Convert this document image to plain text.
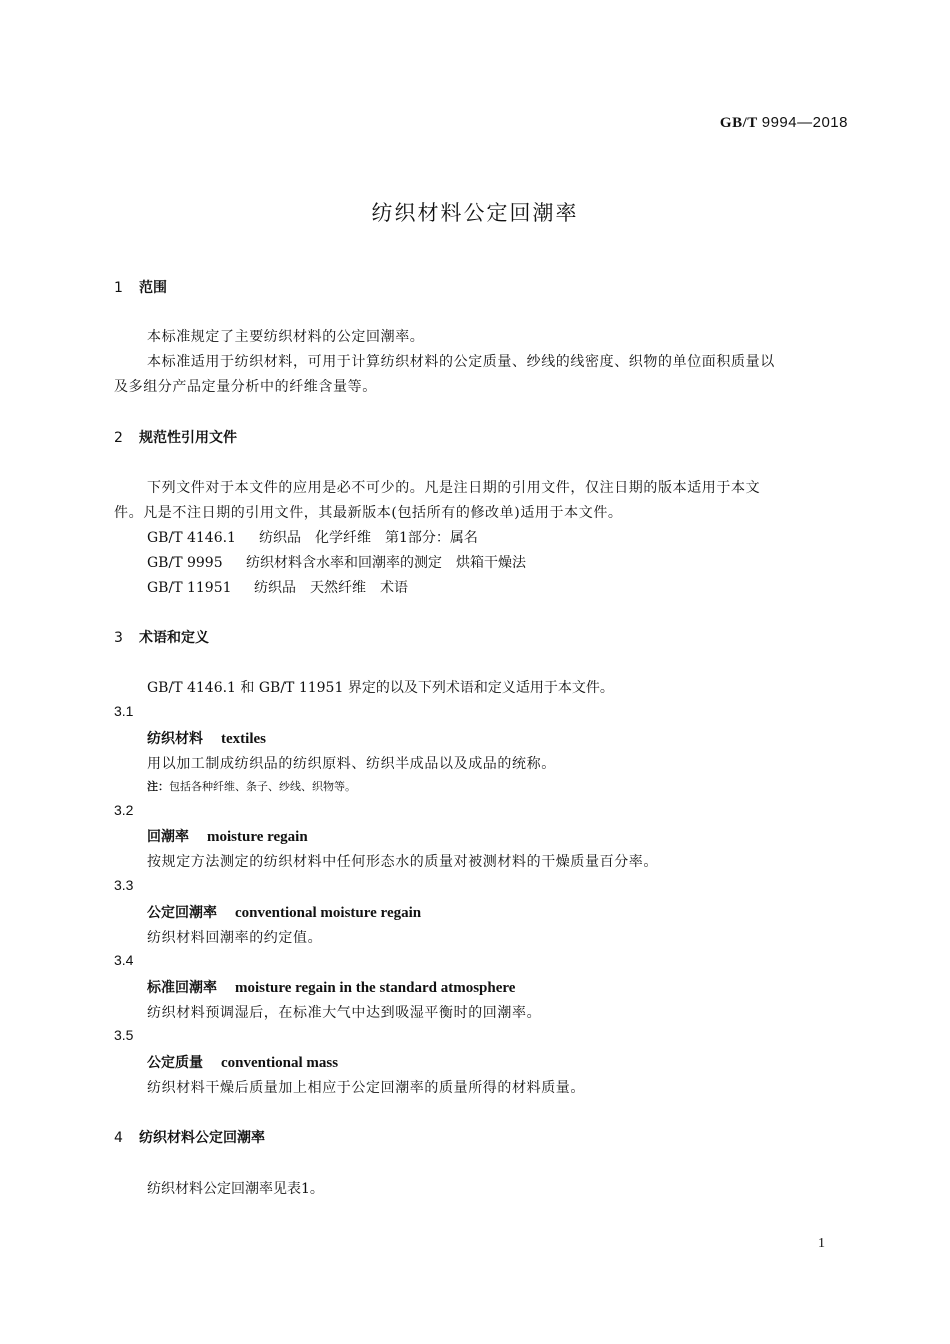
GB/T 9994—2018
纺织材料公定回潮率
1 范围
本标准规定了主要纺织材料的公定回潮率。
本标准适用于纺织材料，可用于计算纺织材料的公定质量、纱线的线密度、织物的单位面积质量以
及多组分产品定量分析中的纤维含量等。
2 规范性引用文件
下列文件对于本文件的应用是必不可少的。凡是注日期的引用文件，仅注日期的版本适用于本文
件。凡是不注日期的引用文件，其最新版本(包括所有的修改单)适用于本文件。
GB/T 4146.1 纺织品　化学纤维　第1部分：属名
GB/T 9995 纺织材料含水率和回潮率的测定　烘箱干燥法
GB/T 11951 纺织品　天然纤维　术语
3 术语和定义
GB/T 4146.1 和 GB/T 11951 界定的以及下列术语和定义适用于本文件。
3.1
纺织材料 textiles
用以加工制成纺织品的纺织原料、纺织半成品以及成品的统称。
注：包括各种纤维、条子、纱线、织物等。
3.2
回潮率 moisture regain
按规定方法测定的纺织材料中任何形态水的质量对被测材料的干燥质量百分率。
3.3
公定回潮率 conventional moisture regain
纺织材料回潮率的约定值。
3.4
标准回潮率 moisture regain in the standard atmosphere
纺织材料预调湿后，在标准大气中达到吸湿平衡时的回潮率。
3.5
公定质量 conventional mass
纺织材料干燥后质量加上相应于公定回潮率的质量所得的材料质量。
4 纺织材料公定回潮率
纺织材料公定回潮率见表1。
1
